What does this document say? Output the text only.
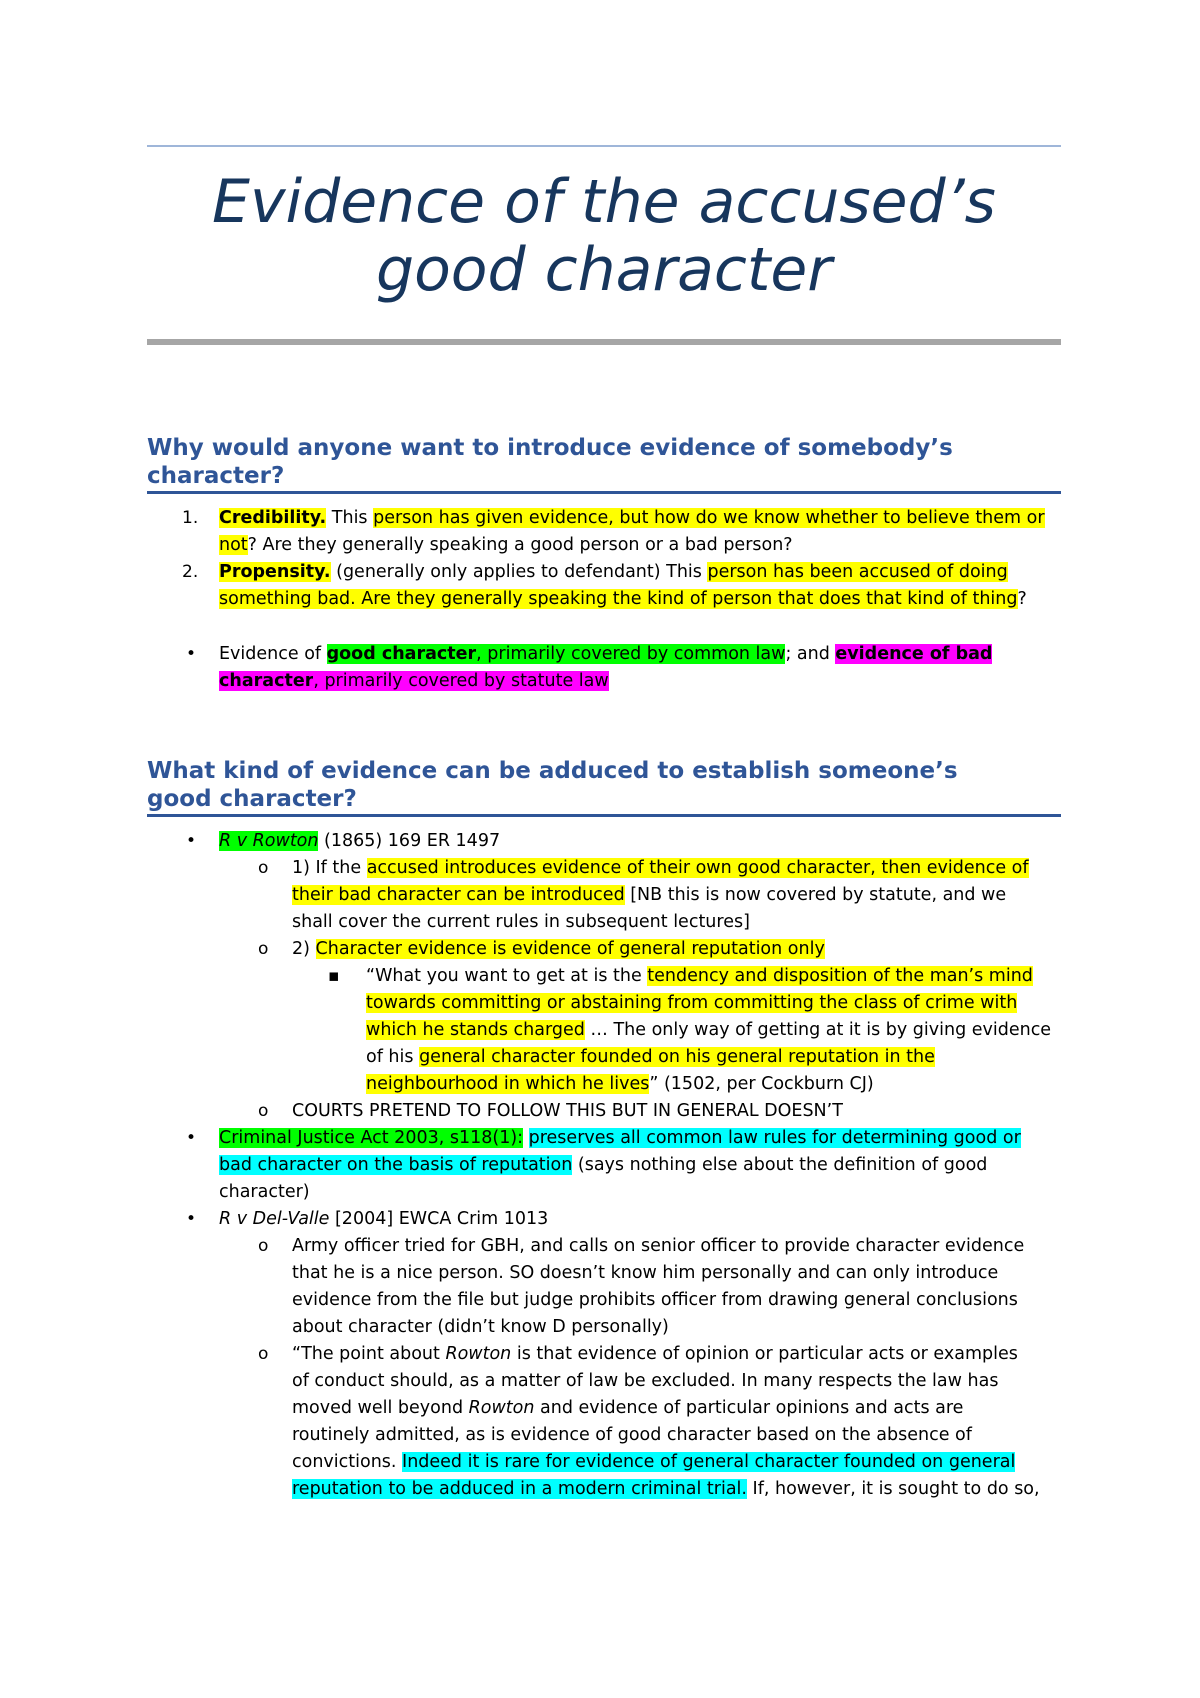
Evidence of the accused’s
good character
Why would anyone want to introduce evidence of somebody’s
character?
1. Credibility. This person has given evidence, but how do we know whether to believe them or
not? Are they generally speaking a good person or a bad person?
2. Propensity. (generally only applies to defendant) This person has been accused of doing
something bad. Are they generally speaking the kind of person that does that kind of thing?
• Evidence of good character, primarily covered by common law; and evidence of bad
character, primarily covered by statute law
What kind of evidence can be adduced to establish someone’s
good character?
• R v Rowton (1865) 169 ER 1497
o 1) If the accused introduces evidence of their own good character, then evidence of
their bad character can be introduced [NB this is now covered by statute, and we
shall cover the current rules in subsequent lectures]
o 2) Character evidence is evidence of general reputation only
▪ “What you want to get at is the tendency and disposition of the man’s mind
towards committing or abstaining from committing the class of crime with
which he stands charged … The only way of getting at it is by giving evidence
of his general character founded on his general reputation in the
neighbourhood in which he lives” (1502, per Cockburn CJ)
o COURTS PRETEND TO FOLLOW THIS BUT IN GENERAL DOESN’T
• Criminal Justice Act 2003, s118(1): preserves all common law rules for determining good or
bad character on the basis of reputation (says nothing else about the definition of good
character)
• R v Del-Valle [2004] EWCA Crim 1013
o Army officer tried for GBH, and calls on senior officer to provide character evidence
that he is a nice person. SO doesn’t know him personally and can only introduce
evidence from the file but judge prohibits officer from drawing general conclusions
about character (didn’t know D personally)
o “The point about Rowton is that evidence of opinion or particular acts or examples
of conduct should, as a matter of law be excluded. In many respects the law has
moved well beyond Rowton and evidence of particular opinions and acts are
routinely admitted, as is evidence of good character based on the absence of
convictions. Indeed it is rare for evidence of general character founded on general
reputation to be adduced in a modern criminal trial. If, however, it is sought to do so,
